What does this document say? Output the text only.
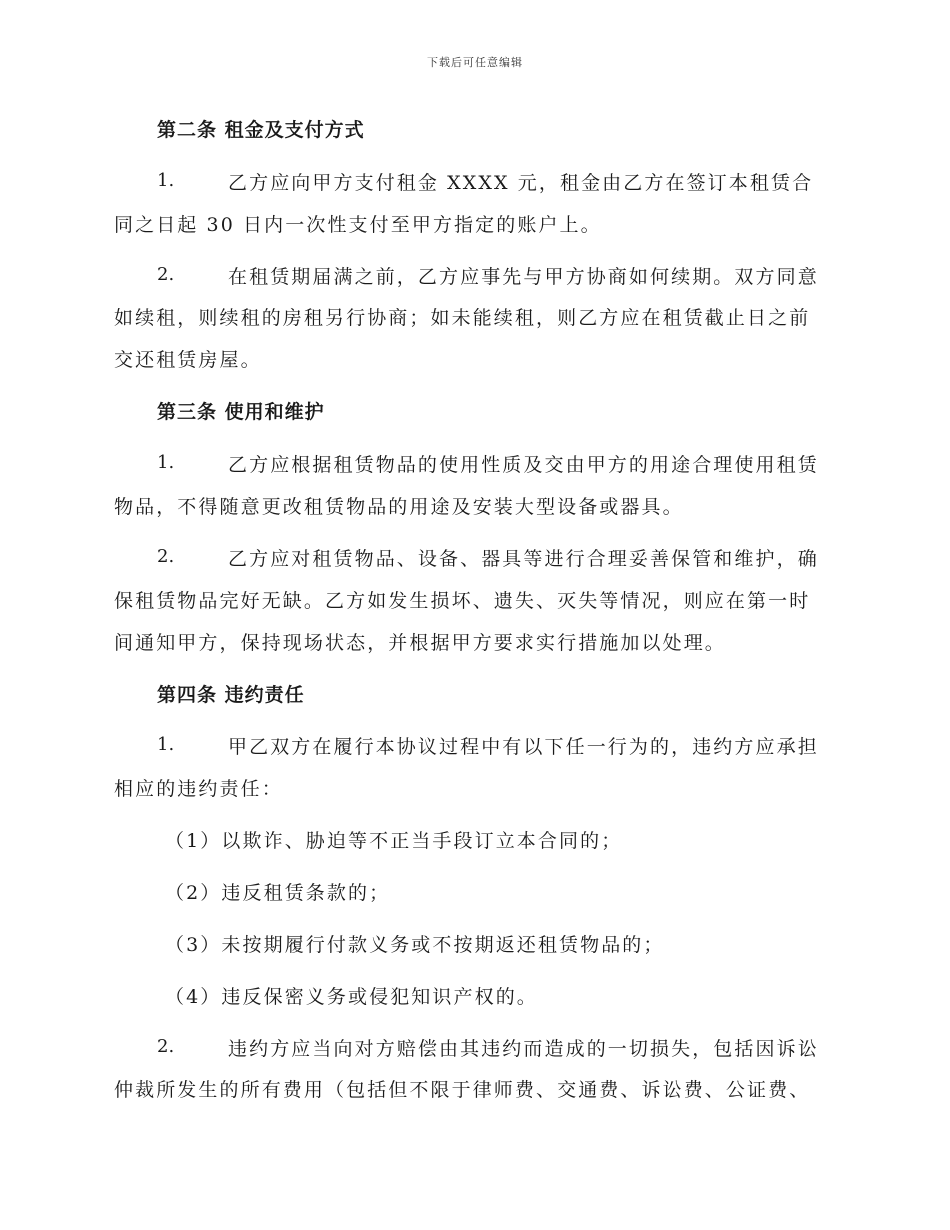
下载后可任意编辑
第二条 租金及支付方式
1.	乙方应向甲方支付租金 XXXX 元，租金由乙方在签订本租赁合
同之日起 30 日内一次性支付至甲方指定的账户上。
2.	在租赁期届满之前，乙方应事先与甲方协商如何续期。双方同意
如续租，则续租的房租另行协商；如未能续租，则乙方应在租赁截止日之前
交还租赁房屋。
第三条 使用和维护
1.	乙方应根据租赁物品的使用性质及交由甲方的用途合理使用租赁
物品，不得随意更改租赁物品的用途及安装大型设备或器具。
2.	乙方应对租赁物品、设备、器具等进行合理妥善保管和维护，确
保租赁物品完好无缺。乙方如发生损坏、遗失、灭失等情况，则应在第一时
间通知甲方，保持现场状态，并根据甲方要求实行措施加以处理。
第四条 违约责任
1.	甲乙双方在履行本协议过程中有以下任一行为的，违约方应承担
相应的违约责任：
（1）以欺诈、胁迫等不正当手段订立本合同的；
（2）违反租赁条款的；
（3）未按期履行付款义务或不按期返还租赁物品的；
（4）违反保密义务或侵犯知识产权的。
2.	违约方应当向对方赔偿由其违约而造成的一切损失，包括因诉讼
仲裁所发生的所有费用（包括但不限于律师费、交通费、诉讼费、公证费、
